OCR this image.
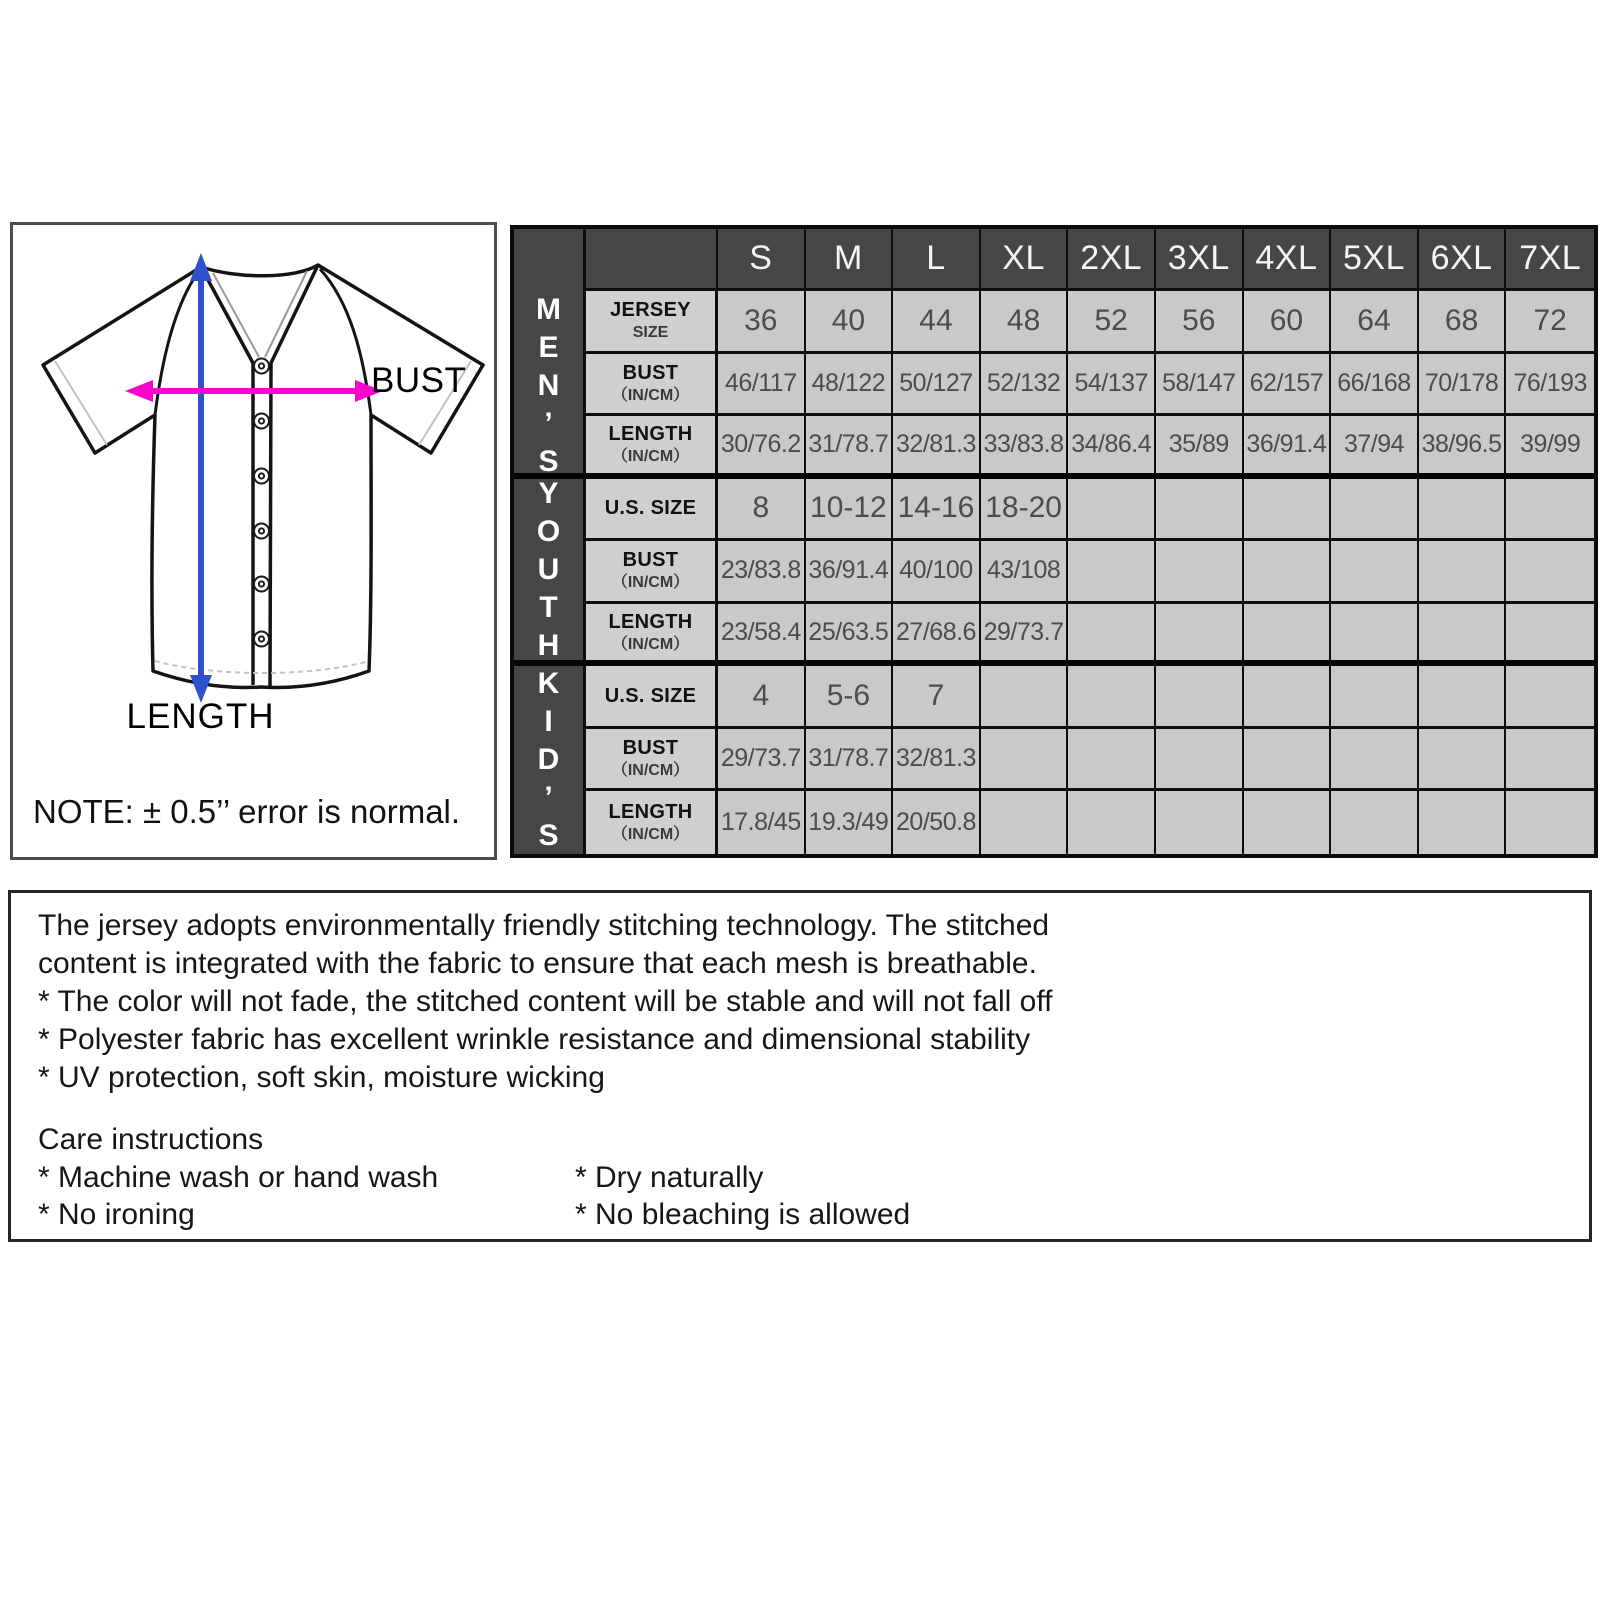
BUST
LENGTH
NOTE: ± 0.5’’ error is normal.
M
E
N
’
S
Y
O
U
T
H
K
I
D
’
S
S	M	L	XL	2XL 3XL 4XL 5XL 6XL 7XL
JERSEY
SIZE	36	40	44	48	52	56	60	64	68	72
BUST
（IN/CM） 46/117 48/122 50/127 52/132 54/137 58/147 62/157 66/168 70/178 76/193
LENGTH
（IN/CM） 30/76.2 31/78.7 32/81.3 33/83.8 34/86.4 35/89 36/91.4 37/94 38/96.5 39/99
U.S. SIZE	8	10-12 14-16 18-20
BUST
（IN/CM） 23/83.8 36/91.4 40/100 43/108
LENGTH
（IN/CM） 23/58.4 25/63.5 27/68.6 29/73.7
U.S. SIZE	4	5-6	7
BUST
（IN/CM） 29/73.7 31/78.7 32/81.3
LENGTH
（IN/CM） 17.8/45 19.3/49 20/50.8
The jersey adopts environmentally friendly stitching technology. The stitched
content is integrated with the fabric to ensure that each mesh is breathable.
* The color will not fade, the stitched content will be stable and will not fall off
* Polyester fabric has excellent wrinkle resistance and dimensional stability
* UV protection, soft skin, moisture wicking
Care instructions
* Machine wash or hand wash	* Dry naturally
* No ironing	* No bleaching is allowed
